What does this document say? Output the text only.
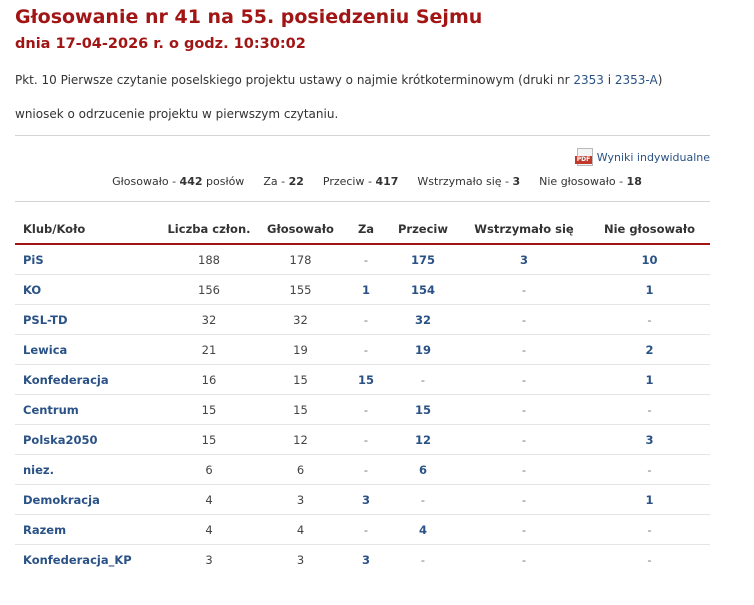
Głosowanie nr 41 na 55. posiedzeniu Sejmu
dnia 17-04-2026 r. o godz. 10:30:02
Pkt. 10 Pierwsze czytanie poselskiego projektu ustawy o najmie krótkoterminowym (druki nr 2353 i 2353-A)
wniosek o odrzucenie projektu w pierwszym czytaniu.
PDF Wyniki indywidualne
Głosowało - 442 posłów Za - 22 Przeciw - 417 Wstrzymało się - 3 Nie głosowało - 18
Klub/Koło	Liczba człon.	Głosowało	Za	Przeciw	Wstrzymało się	Nie głosowało
PiS	188	178	-	175	3	10
KO	156	155	1	154	-	1
PSL-TD	32	32	-	32	-	-
Lewica	21	19	-	19	-	2
Konfederacja	16	15	15	-	-	1
Centrum	15	15	-	15	-	-
Polska2050	15	12	-	12	-	3
niez.	6	6	-	6	-	-
Demokracja	4	3	3	-	-	1
Razem	4	4	-	4	-	-
Konfederacja_KP	3	3	3	-	-	-
